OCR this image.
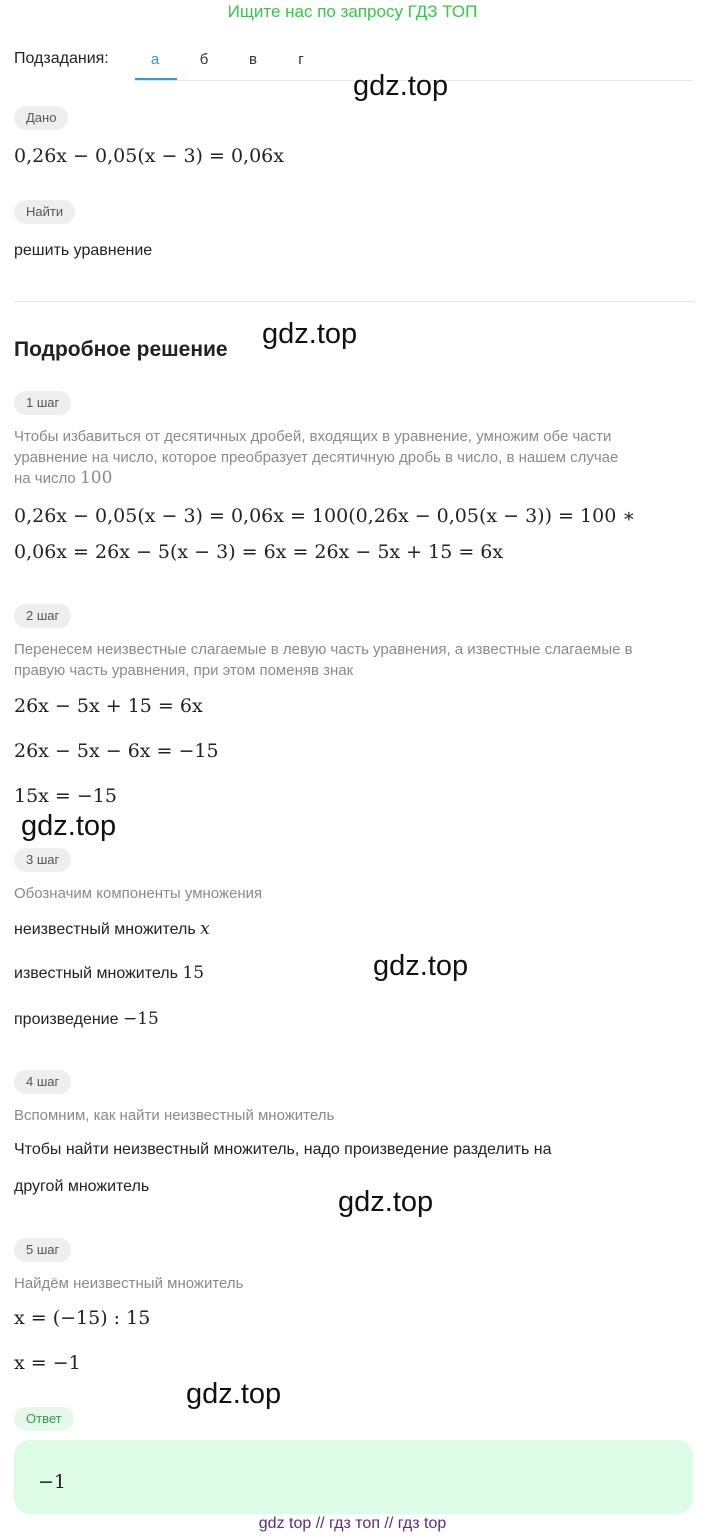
Ищите нас по запросу ГДЗ ТОП
Подзадания:	а	б	в	г
gdz.top
Дано
0,26x − 0,05(x − 3) = 0,06x
Найти
решить уравнение
Подробное решение gdz.top
1 шаг
Чтобы избавиться от десятичных дробей, входящих в уравнение, умножим обе части
уравнение на число, которое преобразует десятичную дробь в число, в нашем случае
на число 100
0,26x − 0,05(x − 3) = 0,06x = 100(0,26x − 0,05(x − 3)) = 100 ∗
0,06x = 26x − 5(x − 3) = 6x = 26x − 5x + 15 = 6x
2 шаг
Перенесем неизвестные слагаемые в левую часть уравнения, а известные слагаемые в
правую часть уравнения, при этом поменяв знак
26x − 5x + 15 = 6x
26x − 5x − 6x = −15
15x = −15
gdz.top
3 шаг
Обозначим компоненты умножения
неизвестный множитель x
известный множитель 15	gdz.top
произведение −15
4 шаг
Вспомним, как найти неизвестный множитель
Чтобы найти неизвестный множитель, надо произведение разделить на
другой множитель	gdz.top
5 шаг
Найдём неизвестный множитель
x = (−15) : 15
x = −1
gdz.top
Ответ
−1
gdz top // гдз топ // гдз top
